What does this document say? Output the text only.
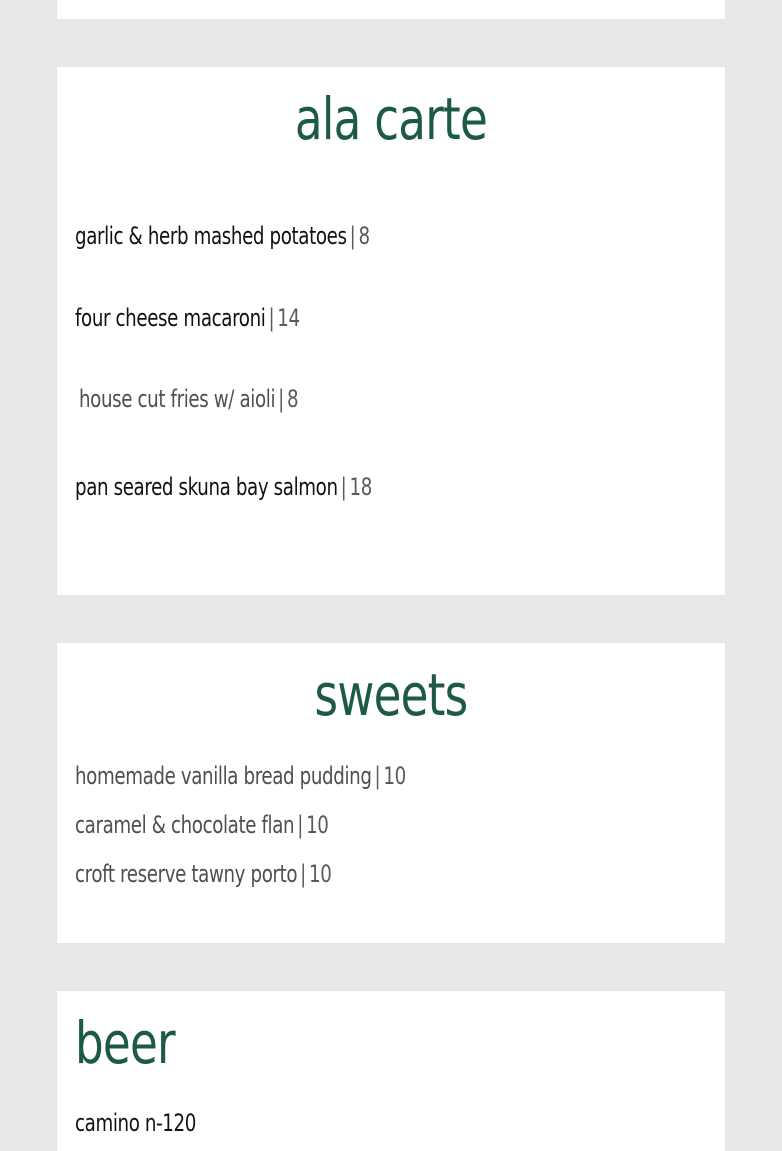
ala carte
garlic & herb mashed potatoes | 8
four cheese macaroni | 14
house cut fries w/ aioli | 8
pan seared skuna bay salmon | 18
sweets
homemade vanilla bread pudding | 10
caramel & chocolate flan | 10
croft reserve tawny porto | 10
beer
camino n-120
